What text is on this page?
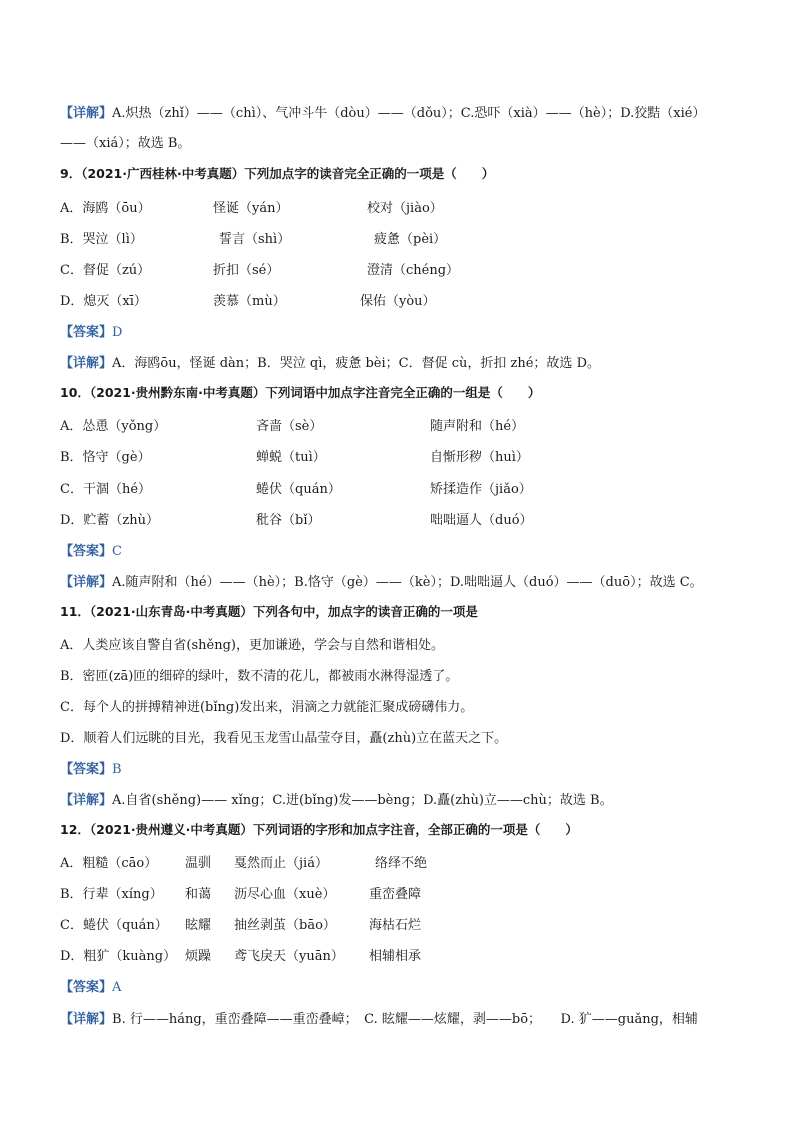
【详解】A.炽热（zhǐ）——（chì）、气冲斗牛（dòu）——（dǒu）；C.恐吓（xià）——（hè）；D.狡黠（xié）
——（xiá）；故选 B。
9．（2021·广西桂林·中考真题）下列加点字的读音完全正确的一项是（　　）
A．海鸥（ōu）	怪诞（yán）	校对（jiào）
B．哭泣（lì）	誓言（shì）	疲惫（pèi）
C．督促（zú）	折扣（sé）	澄清（chéng）
D．熄灭（xī）	羡慕（mù）	保佑（yòu）
【答案】D
【详解】A．海鸥ōu，怪诞 dàn；B．哭泣 qì，疲惫 bèi；C．督促 cù，折扣 zhé；故选 D。
10．（2021·贵州黔东南·中考真题）下列词语中加点字注音完全正确的一组是（　　）
A．怂恿（yǒng）	吝啬（sè）	随声附和（hé）
B．恪守（gè）	蝉蜕（tuì）	自惭形秽（huì）
C．干涸（hé）	蜷伏（quán）	矫揉造作（jiǎo）
D．贮蓄（zhù）	秕谷（bǐ）	咄咄逼人（duó）
【答案】C
【详解】A.随声附和（hé）——（hè）；B.恪守（gè）——（kè）；D.咄咄逼人（duó）——（duō）；故选 C。
11．（2021·山东青岛·中考真题）下列各句中，加点字的读音正确的一项是
A．人类应该自警自省(shěng)，更加谦逊，学会与自然和谐相处。
B．密匝(zā)匝的细碎的绿叶，数不清的花儿，都被雨水淋得湿透了。
C．每个人的拼搏精神迸(bǐng)发出来，涓滴之力就能汇聚成磅礴伟力。
D．顺着人们远眺的目光，我看见玉龙雪山晶莹夺目，矗(zhù)立在蓝天之下。
【答案】B
【详解】A.自省(shěng)—— xǐng；C.迸(bǐng)发——bèng；D.矗(zhù)立——chù；故选 B。
12．（2021·贵州遵义·中考真题）下列词语的字形和加点字注音，全部正确的一项是（　　）
A．粗糙（cāo） 温驯 戛然而止（jiá）	络绎不绝
B．行辈（xíng） 和蔼 沥尽心血（xuè）	重峦叠障
C．蜷伏（quán） 眩耀 抽丝剥茧（bāo）	海枯石烂
D．粗犷（kuàng） 烦躁 鸢飞戾天（yuān） 相辅相承
【答案】A
【详解】B. 行——háng，重峦叠障——重峦叠嶂；　C. 眩耀——炫耀，剥——bō；　　D. 犷——guǎng，相辅
